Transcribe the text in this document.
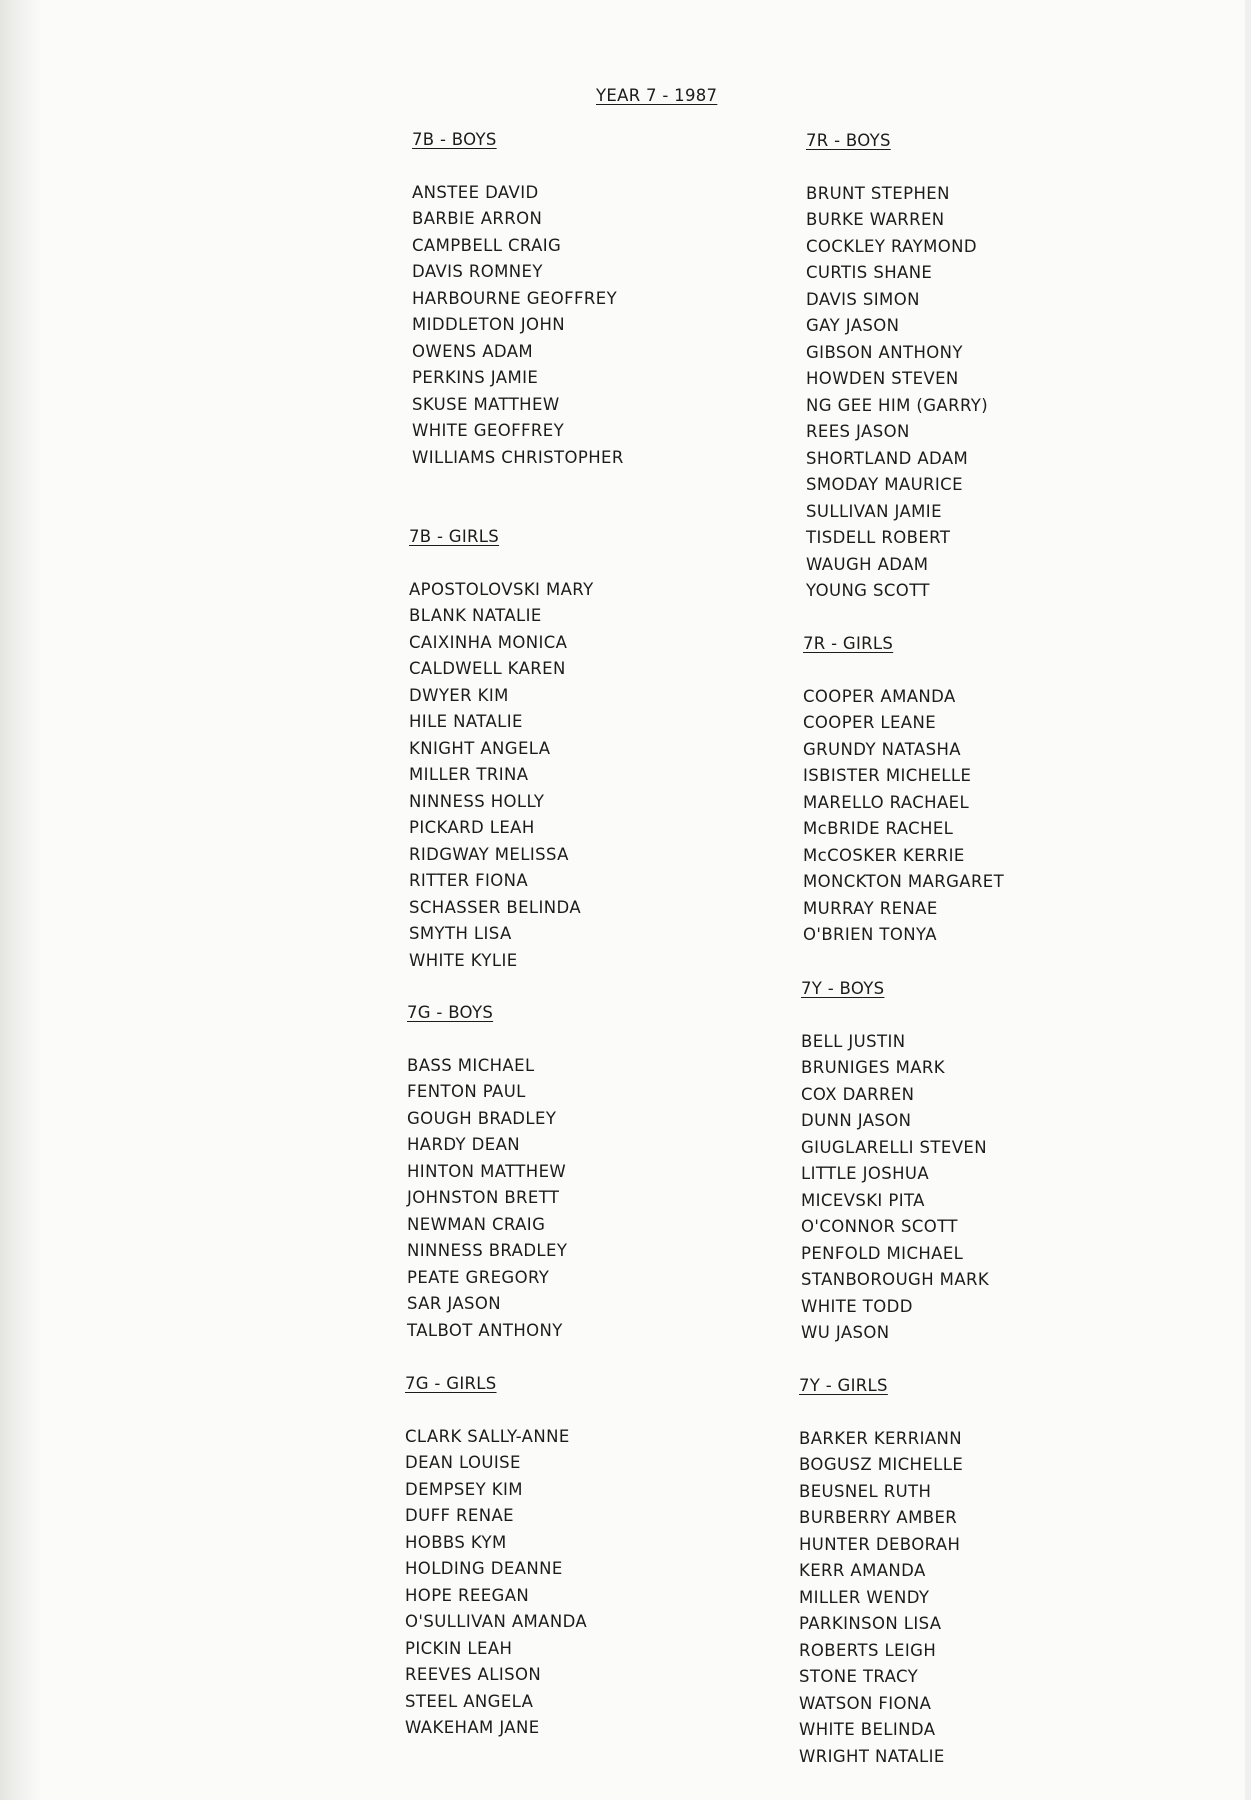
YEAR 7 - 1987
7B - BOYS
ANSTEE DAVID
BARBIE ARRON
CAMPBELL CRAIG
DAVIS ROMNEY
HARBOURNE GEOFFREY
MIDDLETON JOHN
OWENS ADAM
PERKINS JAMIE
SKUSE MATTHEW
WHITE GEOFFREY
WILLIAMS CHRISTOPHER
7B - GIRLS
APOSTOLOVSKI MARY
BLANK NATALIE
CAIXINHA MONICA
CALDWELL KAREN
DWYER KIM
HILE NATALIE
KNIGHT ANGELA
MILLER TRINA
NINNESS HOLLY
PICKARD LEAH
RIDGWAY MELISSA
RITTER FIONA
SCHASSER BELINDA
SMYTH LISA
WHITE KYLIE
7G - BOYS
BASS MICHAEL
FENTON PAUL
GOUGH BRADLEY
HARDY DEAN
HINTON MATTHEW
JOHNSTON BRETT
NEWMAN CRAIG
NINNESS BRADLEY
PEATE GREGORY
SAR JASON
TALBOT ANTHONY
7G - GIRLS
CLARK SALLY-ANNE
DEAN LOUISE
DEMPSEY KIM
DUFF RENAE
HOBBS KYM
HOLDING DEANNE
HOPE REEGAN
O'SULLIVAN AMANDA
PICKIN LEAH
REEVES ALISON
STEEL ANGELA
WAKEHAM JANE
7R - BOYS
BRUNT STEPHEN
BURKE WARREN
COCKLEY RAYMOND
CURTIS SHANE
DAVIS SIMON
GAY JASON
GIBSON ANTHONY
HOWDEN STEVEN
NG GEE HIM (GARRY)
REES JASON
SHORTLAND ADAM
SMODAY MAURICE
SULLIVAN JAMIE
TISDELL ROBERT
WAUGH ADAM
YOUNG SCOTT
7R - GIRLS
COOPER AMANDA
COOPER LEANE
GRUNDY NATASHA
ISBISTER MICHELLE
MARELLO RACHAEL
McBRIDE RACHEL
McCOSKER KERRIE
MONCKTON MARGARET
MURRAY RENAE
O'BRIEN TONYA
7Y - BOYS
BELL JUSTIN
BRUNIGES MARK
COX DARREN
DUNN JASON
GIUGLARELLI STEVEN
LITTLE JOSHUA
MICEVSKI PITA
O'CONNOR SCOTT
PENFOLD MICHAEL
STANBOROUGH MARK
WHITE TODD
WU JASON
7Y - GIRLS
BARKER KERRIANN
BOGUSZ MICHELLE
BEUSNEL RUTH
BURBERRY AMBER
HUNTER DEBORAH
KERR AMANDA
MILLER WENDY
PARKINSON LISA
ROBERTS LEIGH
STONE TRACY
WATSON FIONA
WHITE BELINDA
WRIGHT NATALIE
